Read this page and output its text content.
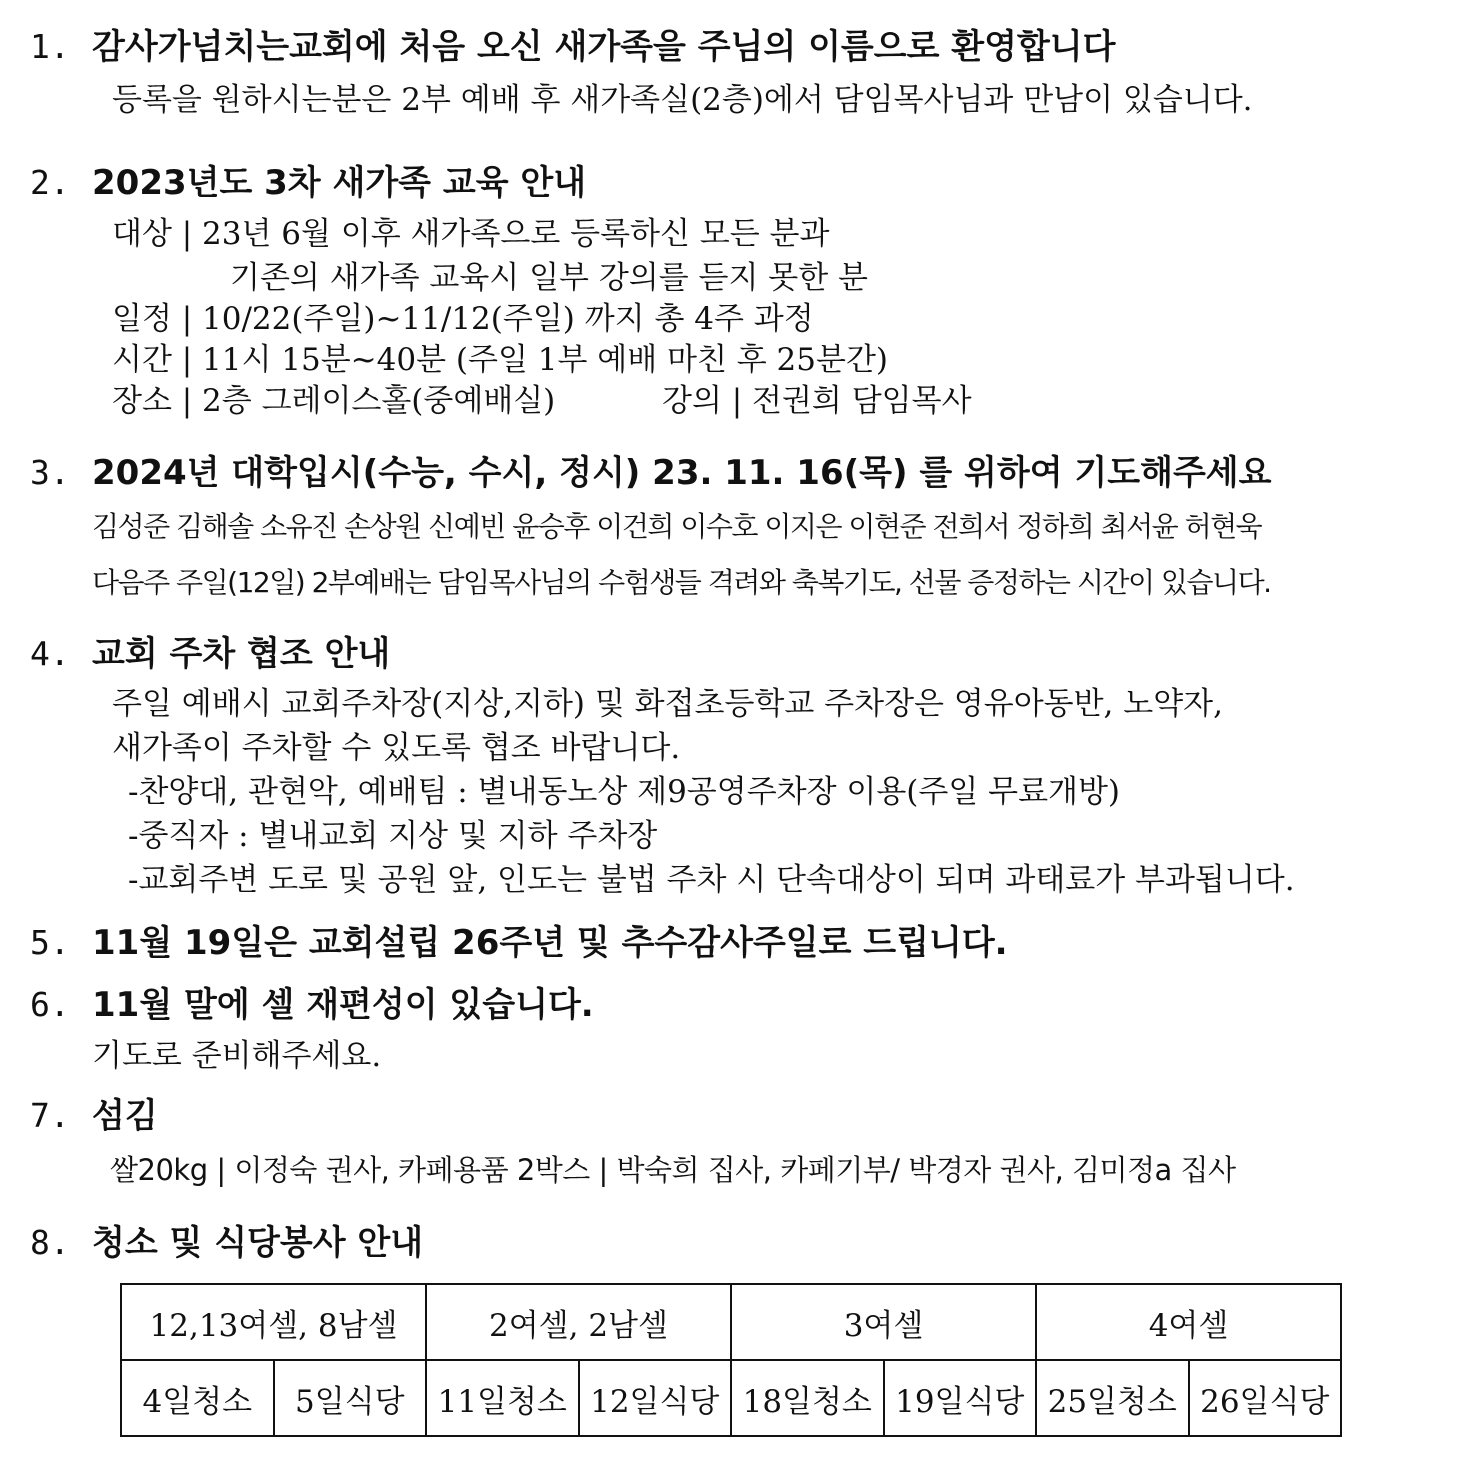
1. 감사가넘치는교회에 처음 오신 새가족을 주님의 이름으로 환영합니다
등록을 원하시는분은 2부 예배 후 새가족실(2층)에서 담임목사님과 만남이 있습니다.
2. 2023년도 3차 새가족 교육 안내
대상 | 23년 6월 이후 새가족으로 등록하신 모든 분과
기존의 새가족 교육시 일부 강의를 듣지 못한 분
일정 | 10/22(주일)~11/12(주일) 까지 총 4주 과정
시간 | 11시 15분~40분 (주일 1부 예배 마친 후 25분간)
장소 | 2층 그레이스홀(중예배실)	강의 | 전권희 담임목사
3. 2024년 대학입시(수능, 수시, 정시) 23. 11. 16(목) 를 위하여 기도해주세요
김성준 김해솔 소유진 손상원 신예빈 윤승후 이건희 이수호 이지은 이현준 전희서 정하희 최서윤 허현욱
다음주 주일(12일) 2부예배는 담임목사님의 수험생들 격려와 축복기도, 선물 증정하는 시간이 있습니다.
4. 교회 주차 협조 안내
주일 예배시 교회주차장(지상,지하) 및 화접초등학교 주차장은 영유아동반, 노약자,
새가족이 주차할 수 있도록 협조 바랍니다.
-찬양대, 관현악, 예배팀 : 별내동노상 제9공영주차장 이용(주일 무료개방)
-중직자 : 별내교회 지상 및 지하 주차장
-교회주변 도로 및 공원 앞, 인도는 불법 주차 시 단속대상이 되며 과태료가 부과됩니다.
5. 11월 19일은 교회설립 26주년 및 추수감사주일로 드립니다.
6. 11월 말에 셀 재편성이 있습니다.
기도로 준비해주세요.
7. 섬김
쌀20kg | 이정숙 권사, 카페용품 2박스 | 박숙희 집사, 카페기부/ 박경자 권사, 김미정a 집사
8. 청소 및 식당봉사 안내
12,13여셀, 8남셀		2여셀, 2남셀		3여셀		4여셀	
4일청소	5일식당	11일청소	12일식당	18일청소	19일식당	25일청소	26일식당
